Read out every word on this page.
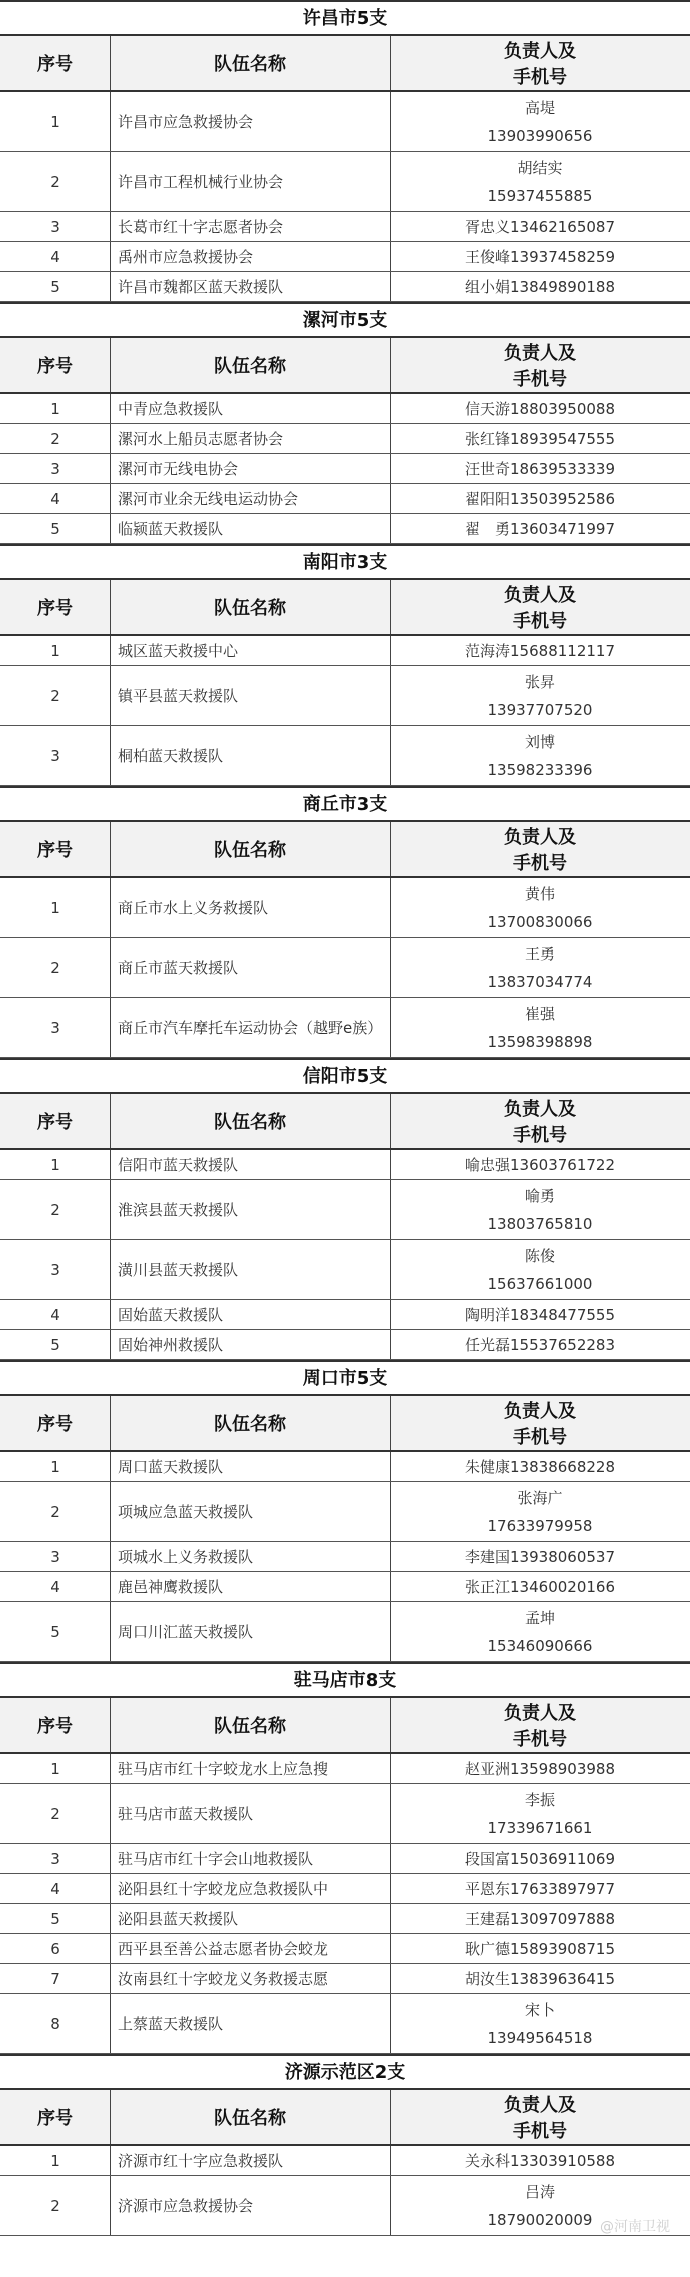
许昌市5支
序号	队伍名称
负责人及
手机号
1	许昌市应急救援协会
高堤
13903990656
2	许昌市工程机械行业协会
胡结实
15937455885
3	长葛市红十字志愿者协会	胥忠义13462165087
4	禹州市应急救援协会	王俊峰13937458259
5	许昌市魏都区蓝天救援队	组小娟13849890188
漯河市5支
序号	队伍名称
负责人及
手机号
1	中青应急救援队	信天游18803950088
2	漯河水上船员志愿者协会	张红锋18939547555
3	漯河市无线电协会	汪世奇18639533339
4	漯河市业余无线电运动协会	翟阳阳13503952586
5	临颍蓝天救援队	翟　勇13603471997
南阳市3支
序号	队伍名称
负责人及
手机号
1	城区蓝天救援中心	范海涛15688112117
2	镇平县蓝天救援队
张昇
13937707520
3	桐柏蓝天救援队
刘博
13598233396
商丘市3支
序号	队伍名称
负责人及
手机号
1	商丘市水上义务救援队
黄伟
13700830066
2	商丘市蓝天救援队
王勇
13837034774
3	商丘市汽车摩托车运动协会（越野e族）
崔强
13598398898
信阳市5支
序号	队伍名称
负责人及
手机号
1	信阳市蓝天救援队	喻忠强13603761722
2	淮滨县蓝天救援队
喻勇
13803765810
3	潢川县蓝天救援队
陈俊
15637661000
4	固始蓝天救援队	陶明洋18348477555
5	固始神州救援队	任光磊15537652283
周口市5支
序号	队伍名称
负责人及
手机号
1	周口蓝天救援队	朱健康13838668228
2	项城应急蓝天救援队
张海广
17633979958
3	项城水上义务救援队	李建国13938060537
4	鹿邑神鹰救援队	张正江13460020166
5	周口川汇蓝天救援队
孟坤
15346090666
驻马店市8支
序号	队伍名称
负责人及
手机号
1	驻马店市红十字蛟龙水上应急搜	赵亚洲13598903988
2	驻马店市蓝天救援队
李振
17339671661
3	驻马店市红十字会山地救援队	段国富15036911069
4	泌阳县红十字蛟龙应急救援队中	平恩东17633897977
5	泌阳县蓝天救援队	王建磊13097097888
6	西平县至善公益志愿者协会蛟龙	耿广德15893908715
7	汝南县红十字蛟龙义务救援志愿	胡汝生13839636415
8	上蔡蓝天救援队
宋卜
13949564518
济源示范区2支
序号	队伍名称
负责人及
手机号
1	济源市红十字应急救援队	关永科13303910588
2	济源市应急救援协会
吕涛
18790020009 @河南卫视
